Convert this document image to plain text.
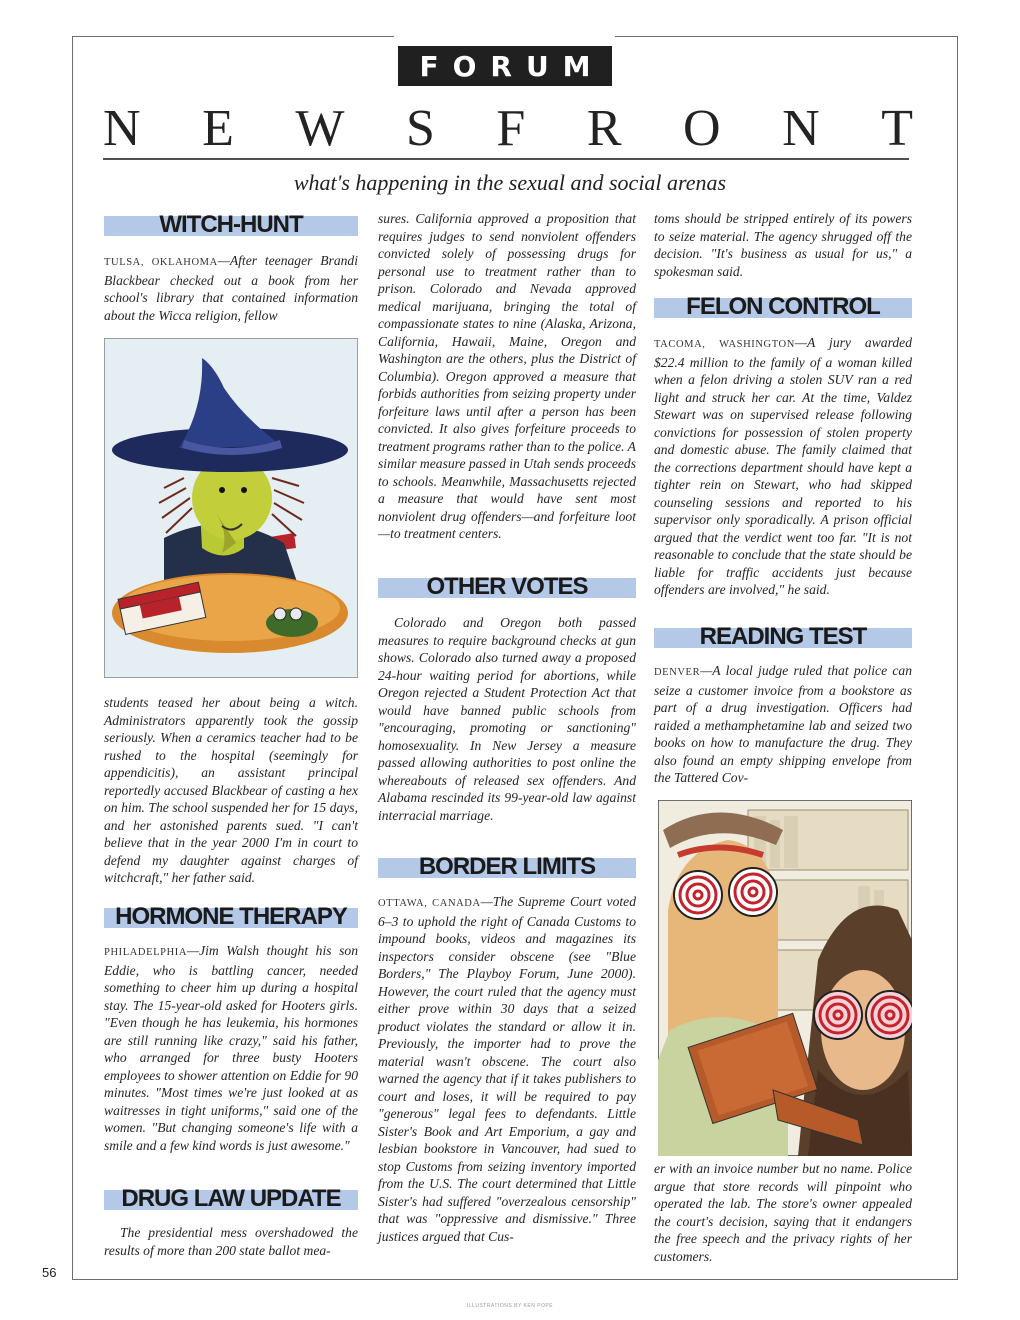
FORUM
N E W S F R O N T
what's happening in the sexual and social arenas
WITCH-HUNT

TULSA, OKLAHOMA—After teenager Brandi Blackbear checked out a book from her school's library that contained information about the Wicca religion, fellow

students teased her about being a witch. Administrators apparently took the gossip seriously. When a ceramics teacher had to be rushed to the hospital (seemingly for appendicitis), an assistant principal reportedly accused Blackbear of casting a hex on him. The school suspended her for 15 days, and her astonished parents sued. "I can't believe that in the year 2000 I'm in court to defend my daughter against charges of witchcraft," her father said.

HORMONE THERAPY

PHILADELPHIA—Jim Walsh thought his son Eddie, who is battling cancer, needed something to cheer him up during a hospital stay. The 15-year-old asked for Hooters girls. "Even though he has leukemia, his hormones are still running like crazy," said his father, who arranged for three busty Hooters employees to shower attention on Eddie for 90 minutes. "Most times we're just looked at as waitresses in tight uniforms," said one of the women. "But changing someone's life with a smile and a few kind words is just awesome."

DRUG LAW UPDATE

The presidential mess overshadowed the results of more than 200 state ballot mea-

sures. California approved a proposition that requires judges to send nonviolent offenders convicted solely of possessing drugs for personal use to treatment rather than to prison. Colorado and Nevada approved medical marijuana, bringing the total of compassionate states to nine (Alaska, Arizona, California, Hawaii, Maine, Oregon and Washington are the others, plus the District of Columbia). Oregon approved a measure that forbids authorities from seizing property under forfeiture laws until after a person has been convicted. It also gives forfeiture proceeds to treatment programs rather than to the police. A similar measure passed in Utah sends proceeds to schools. Meanwhile, Massachusetts rejected a measure that would have sent most nonviolent drug offenders—and forfeiture loot—to treatment centers.

OTHER VOTES

Colorado and Oregon both passed measures to require background checks at gun shows. Colorado also turned away a proposed 24-hour waiting period for abortions, while Oregon rejected a Student Protection Act that would have banned public schools from "encouraging, promoting or sanctioning" homosexuality. In New Jersey a measure passed allowing authorities to post online the whereabouts of released sex offenders. And Alabama rescinded its 99-year-old law against interracial marriage.

BORDER LIMITS

OTTAWA, CANADA—The Supreme Court voted 6–3 to uphold the right of Canada Customs to impound books, videos and magazines its inspectors consider obscene (see "Blue Borders," The Playboy Forum, June 2000). However, the court ruled that the agency must either prove within 30 days that a seized product violates the standard or allow it in. Previously, the importer had to prove the material wasn't obscene. The court also warned the agency that if it takes publishers to court and loses, it will be required to pay "generous" legal fees to defendants. Little Sister's Book and Art Emporium, a gay and lesbian bookstore in Vancouver, had sued to stop Customs from seizing inventory imported from the U.S. The court determined that Little Sister's had suffered "overzealous censorship" that was "oppressive and dismissive." Three justices argued that Cus-

toms should be stripped entirely of its powers to seize material. The agency shrugged off the decision. "It's business as usual for us," a spokesman said.

FELON CONTROL

TACOMA, WASHINGTON—A jury awarded $22.4 million to the family of a woman killed when a felon driving a stolen SUV ran a red light and struck her car. At the time, Valdez Stewart was on supervised release following convictions for possession of stolen property and domestic abuse. The family claimed that the corrections department should have kept a tighter rein on Stewart, who had skipped counseling sessions and reported to his supervisor only sporadically. A prison official argued that the verdict went too far. "It is not reasonable to conclude that the state should be liable for traffic accidents just because offenders are involved," he said.

READING TEST

DENVER—A local judge ruled that police can seize a customer invoice from a bookstore as part of a drug investigation. Officers had raided a methamphetamine lab and seized two books on how to manufacture the drug. They also found an empty shipping envelope from the Tattered Cov-

er with an invoice number but no name. Police argue that store records will pinpoint who operated the lab. The store's owner appealed the court's decision, saying that it endangers the free speech and the privacy rights of her customers.

56
ILLUSTRATIONS BY KEN POPE
